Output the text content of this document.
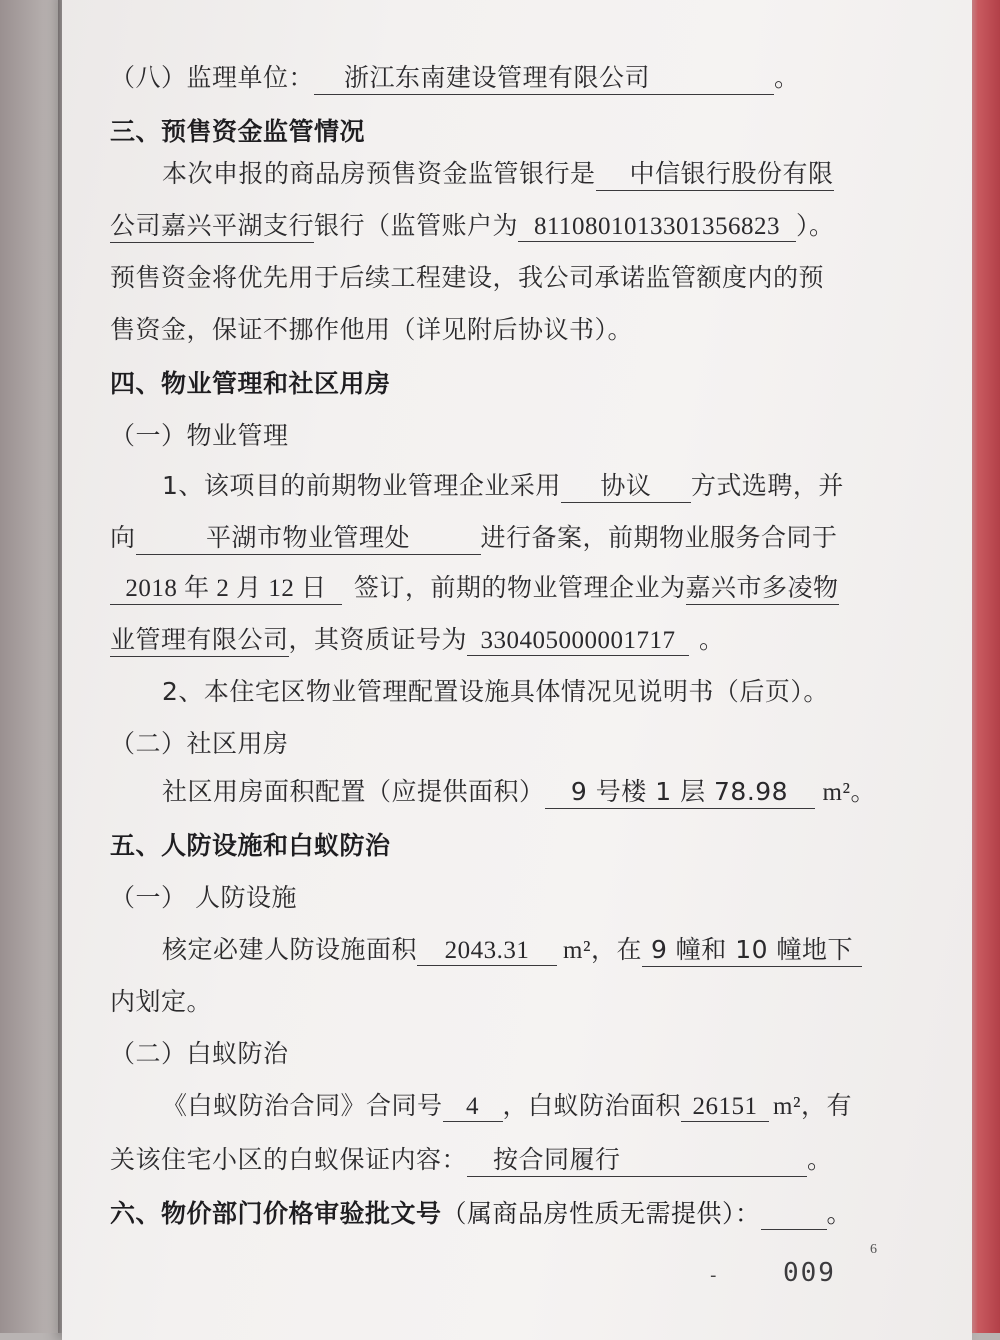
（八）监理单位： 浙江东南建设管理有限公司	。
三、预售资金监管情况
本次申报的商品房预售资金监管银行是 中信银行股份有限
公司嘉兴平湖支行银行（监管账户为 8110801013301356823 ）。
预售资金将优先用于后续工程建设，我公司承诺监管额度内的预
售资金，保证不挪作他用（详见附后协议书）。
四、物业管理和社区用房
（一）物业管理
1、该项目的前期物业管理企业采用 协议 方式选聘，并
向	平湖市物业管理处	进行备案，前期物业服务合同于
2018 年 2 月 12 日 签订，前期的物业管理企业为嘉兴市多凌物
业管理有限公司，其资质证号为 330405000001717 。
2、本住宅区物业管理配置设施具体情况见说明书（后页）。
（二）社区用房
社区用房面积配置（应提供面积） 9 号楼 1 层 78.98 m²。
五、人防设施和白蚁防治
（一） 人防设施
核定必建人防设施面积 2043.31 m²，在 9 幢和 10 幢地下
内划定。
（二）白蚁防治
《白蚁防治合同》合同号 4 ，白蚁防治面积 26151 m²，有
关该住宅小区的白蚁保证内容： 按合同履行	。
六、物价部门价格审验批文号（属商品房性质无需提供）：	。
6
-	009
